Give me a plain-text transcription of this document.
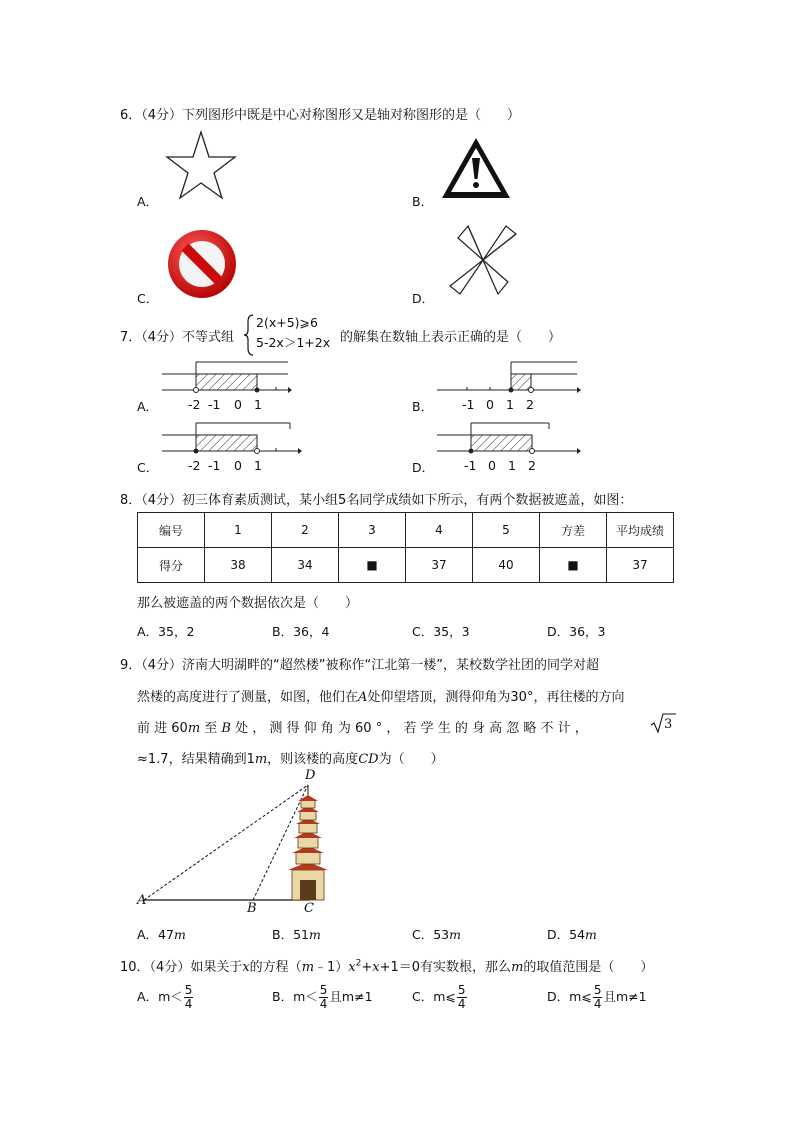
6．（4分）下列图形中既是中心对称图形又是轴对称图形的是（　　）
A．	B．
C．	D．
7．（4分）不等式组
2(x+5)⩾6
5-2x＞1+2x 的解集在数轴上表示正确的是（　　）
A． -2 -1 0 1	B． -1 0 1 2
C． -2 -1 0 1	D． -1 0 1 2
8．（4分）初三体育素质测试，某小组5名同学成绩如下所示，有两个数据被遮盖，如图：
编号	1	2	3	4	5	方差	平均成绩
得分	38	34	■	37	40	■	37
那么被遮盖的两个数据依次是（　　）
A．35，2	B．36，4	C．35，3	D．36，3
9．（4分）济南大明湖畔的“超然楼”被称作“江北第一楼”，某校数学社团的同学对超
然楼的高度进行了测量，如图，他们在A处仰望塔顶，测得仰角为30°，再往楼的方向
前 进 60m 至 B 处 ， 测 得 仰 角 为 60 ° ， 若 学 生 的 身 高 忽 略 不 计 ，	3
≈1.7，结果精确到1m，则该楼的高度CD为（　　）
D
A
B	C
A．47m	B．51m	C．53m	D．54m
10．（4分）如果关于x的方程$(m﹣1)x^2+x+1=0$有实数根，那么m的取值范围是（　　）
A．$m< \frac{5}{4}$	B．$m< \frac{5}{4}$ 且m≠1	C．m⩽ $\frac{5}{4}$	D．m⩽ $\frac{5}{4}$ 且m≠1
